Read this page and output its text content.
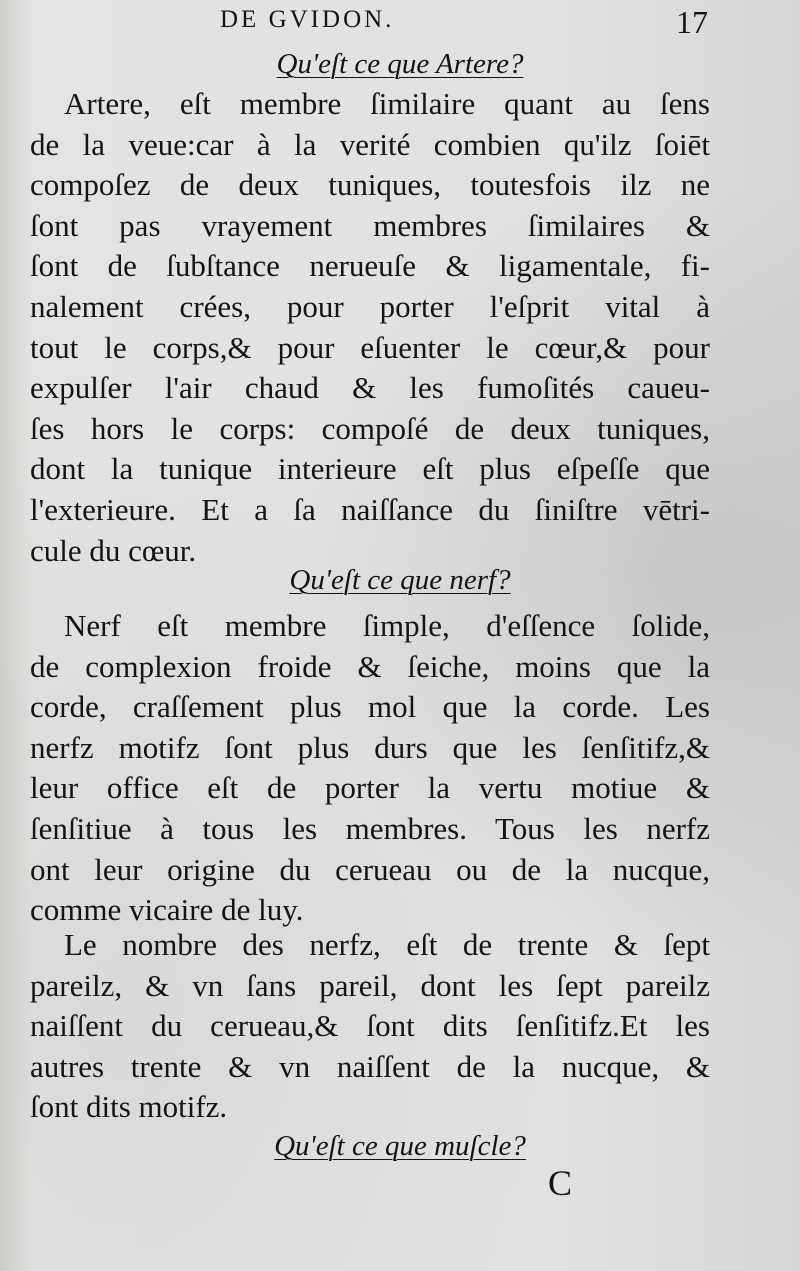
DE GVIDON.	17
Qu'eſt ce que Artere?
Artere, eſt membre ſimilaire quant au ſens
de la veue:car à la verité combien qu'ilz ſoiēt
compoſez de deux tuniques, toutesfois ilz ne
ſont pas vrayement membres ſimilaires &
ſont de ſubſtance nerueuſe & ligamentale, fi-
nalement crées, pour porter l'eſprit vital à
tout le corps,& pour eſuenter le cœur,& pour
expulſer l'air chaud & les fumoſités caueu-
ſes hors le corps: compoſé de deux tuniques,
dont la tunique interieure eſt plus eſpeſſe que
l'exterieure. Et a ſa naiſſance du ſiniſtre vētri-
cule du cœur.
Qu'eſt ce que nerf?
Nerf eſt membre ſimple, d'eſſence ſolide,
de complexion froide & ſeiche, moins que la
corde, craſſement plus mol que la corde. Les
nerfz motifz ſont plus durs que les ſenſitifz,&
leur office eſt de porter la vertu motiue &
ſenſitiue à tous les membres. Tous les nerfz
ont leur origine du cerueau ou de la nucque,
comme vicaire de luy.
Le nombre des nerfz, eſt de trente & ſept
pareilz, & vn ſans pareil, dont les ſept pareilz
naiſſent du cerueau,& ſont dits ſenſitifz.Et les
autres trente & vn naiſſent de la nucque, &
ſont dits motifz.
Qu'eſt ce que muſcle?
C
